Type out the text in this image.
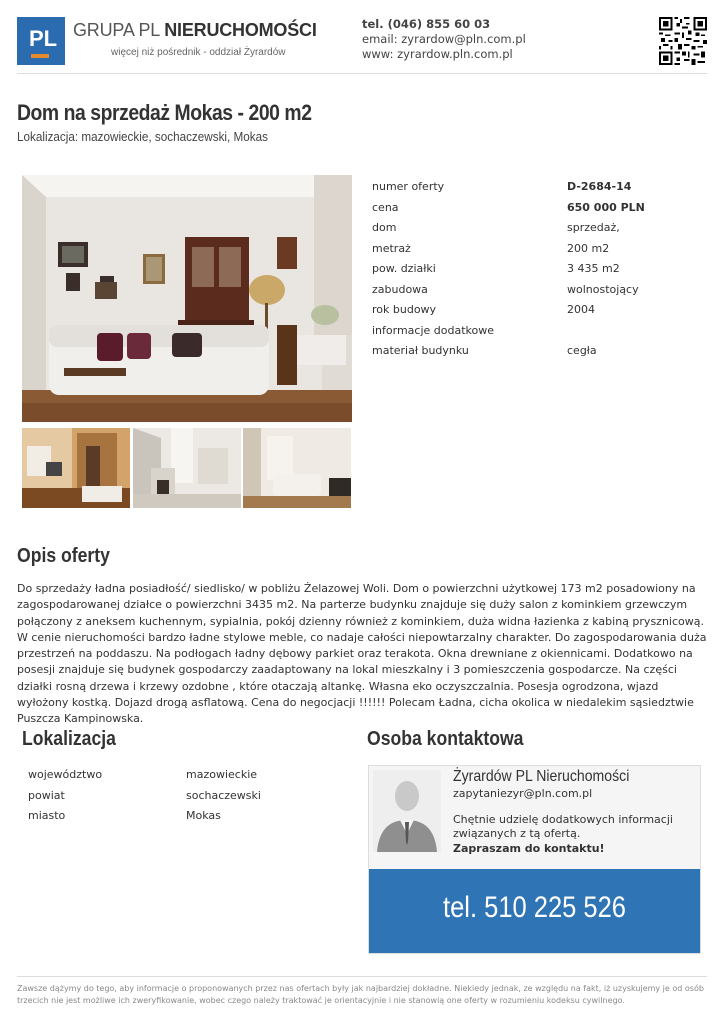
PL GRUPA PL NIERUCHOMOŚCI
więcej niż pośrednik - oddział Żyrardów
tel. (046) 855 60 03
email: zyrardow@pln.com.pl
www: zyrardow.pln.com.pl
Dom na sprzedaż Mokas - 200 m2
Lokalizacja: mazowieckie, sochaczewski, Mokas
numer oferty	D-2684-14
cena	650 000 PLN
dom	sprzedaż,
metraż	200 m2
pow. działki	3 435 m2
zabudowa	wolnostojący
rok budowy	2004
informacje dodatkowe
materiał budynku	cegła
Opis oferty

Do sprzedaży ładna posiadłość/ siedlisko/ w pobliżu Żelazowej Woli. Dom o powierzchni użytkowej 173 m2 posadowiony na zagospodarowanej działce o powierzchni 3435 m2. Na parterze budynku znajduje się duży salon z kominkiem grzewczym połączony z aneksem kuchennym, sypialnia, pokój dzienny również z kominkiem, duża widna łazienka z kabiną prysznicową. W cenie nieruchomości bardzo ładne stylowe meble, co nadaje całości niepowtarzalny charakter. Do zagospodarowania duża przestrzeń na poddaszu. Na podłogach ładny dębowy parkiet oraz terakota. Okna drewniane z okiennicami. Dodatkowo na posesji znajduje się budynek gospodarczy zaadaptowany na lokal mieszkalny i 3 pomieszczenia gospodarcze. Na części działki rosną drzewa i krzewy ozdobne , które otaczają altankę. Własna eko oczyszczalnia. Posesja ogrodzona, wjazd wyłożony kostką. Dojazd drogą asflatową. Cena do negocjacji !!!!!! Polecam Ładna, cicha okolica w niedalekim sąsiedztwie Puszcza Kampinowska.

Lokalizacja
województwo	mazowieckie
powiat	sochaczewski
miasto	Mokas
Osoba kontaktowa
Żyrardów PL Nieruchomości
zapytaniezyr@pln.com.pl
Chętnie udzielę dodatkowych informacji związanych z tą ofertą.
Zapraszam do kontaktu!
tel. 510 225 526

Zawsze dążymy do tego, aby informacje o proponowanych przez nas ofertach były jak najbardziej dokładne. Niekiedy jednak, ze względu na fakt, iż uzyskujemy je od osób trzecich nie jest możliwe ich zweryfikowanie, wobec czego należy traktować je orientacyjnie i nie stanowią one oferty w rozumieniu kodeksu cywilnego.
